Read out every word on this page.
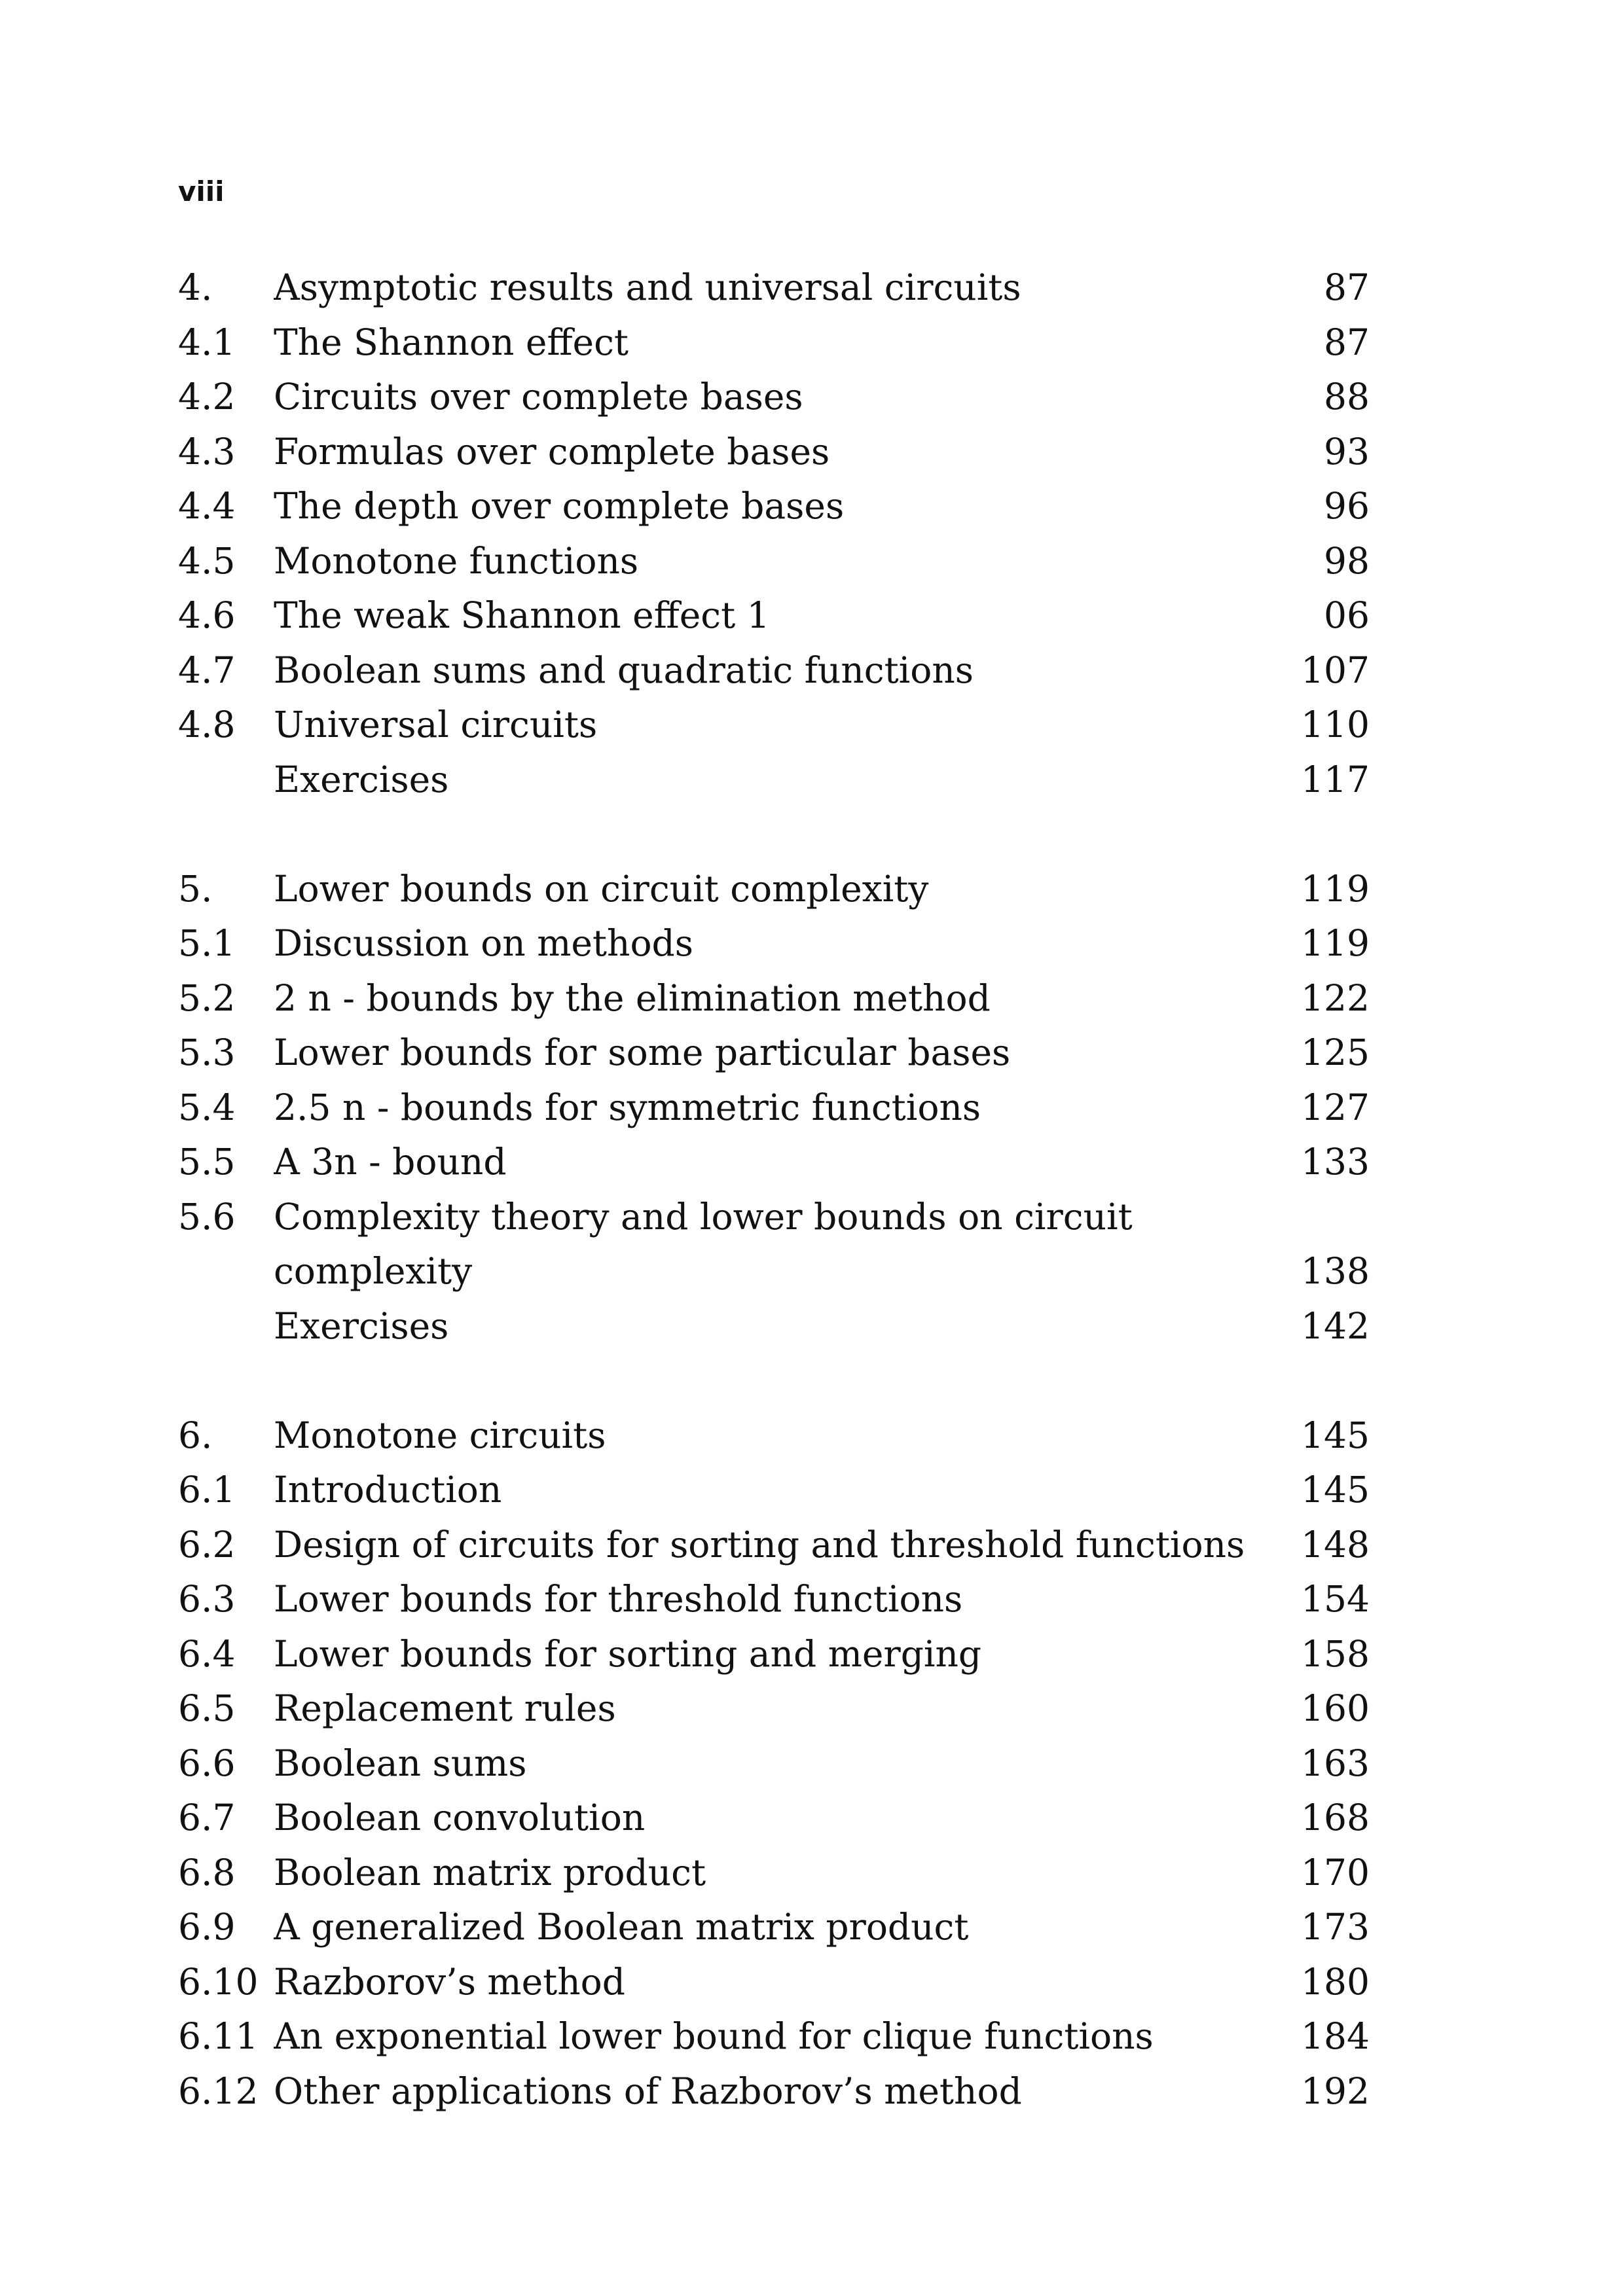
viii
4.	Asymptotic results and universal circuits	87
4.1	The Shannon effect	87
4.2	Circuits over complete bases	88
4.3	Formulas over complete bases	93
4.4	The depth over complete bases	96
4.5	Monotone functions	98
4.6	The weak Shannon effect 1	06
4.7	Boolean sums and quadratic functions	107
4.8	Universal circuits	110
Exercises	117
5.	Lower bounds on circuit complexity	119
5.1	Discussion on methods	119
5.2	2 n - bounds by the elimination method	122
5.3	Lower bounds for some particular bases	125
5.4	2.5 n - bounds for symmetric functions	127
5.5	A 3n - bound	133
5.6	Complexity theory and lower bounds on circuit
complexity	138
Exercises	142
6.	Monotone circuits	145
6.1	Introduction	145
6.2	Design of circuits for sorting and threshold functions	148
6.3	Lower bounds for threshold functions	154
6.4	Lower bounds for sorting and merging	158
6.5	Replacement rules	160
6.6	Boolean sums	163
6.7	Boolean convolution	168
6.8	Boolean matrix product	170
6.9	A generalized Boolean matrix product	173
6.10 Razborov’s method	180
6.11 An exponential lower bound for clique functions	184
6.12 Other applications of Razborov’s method	192
